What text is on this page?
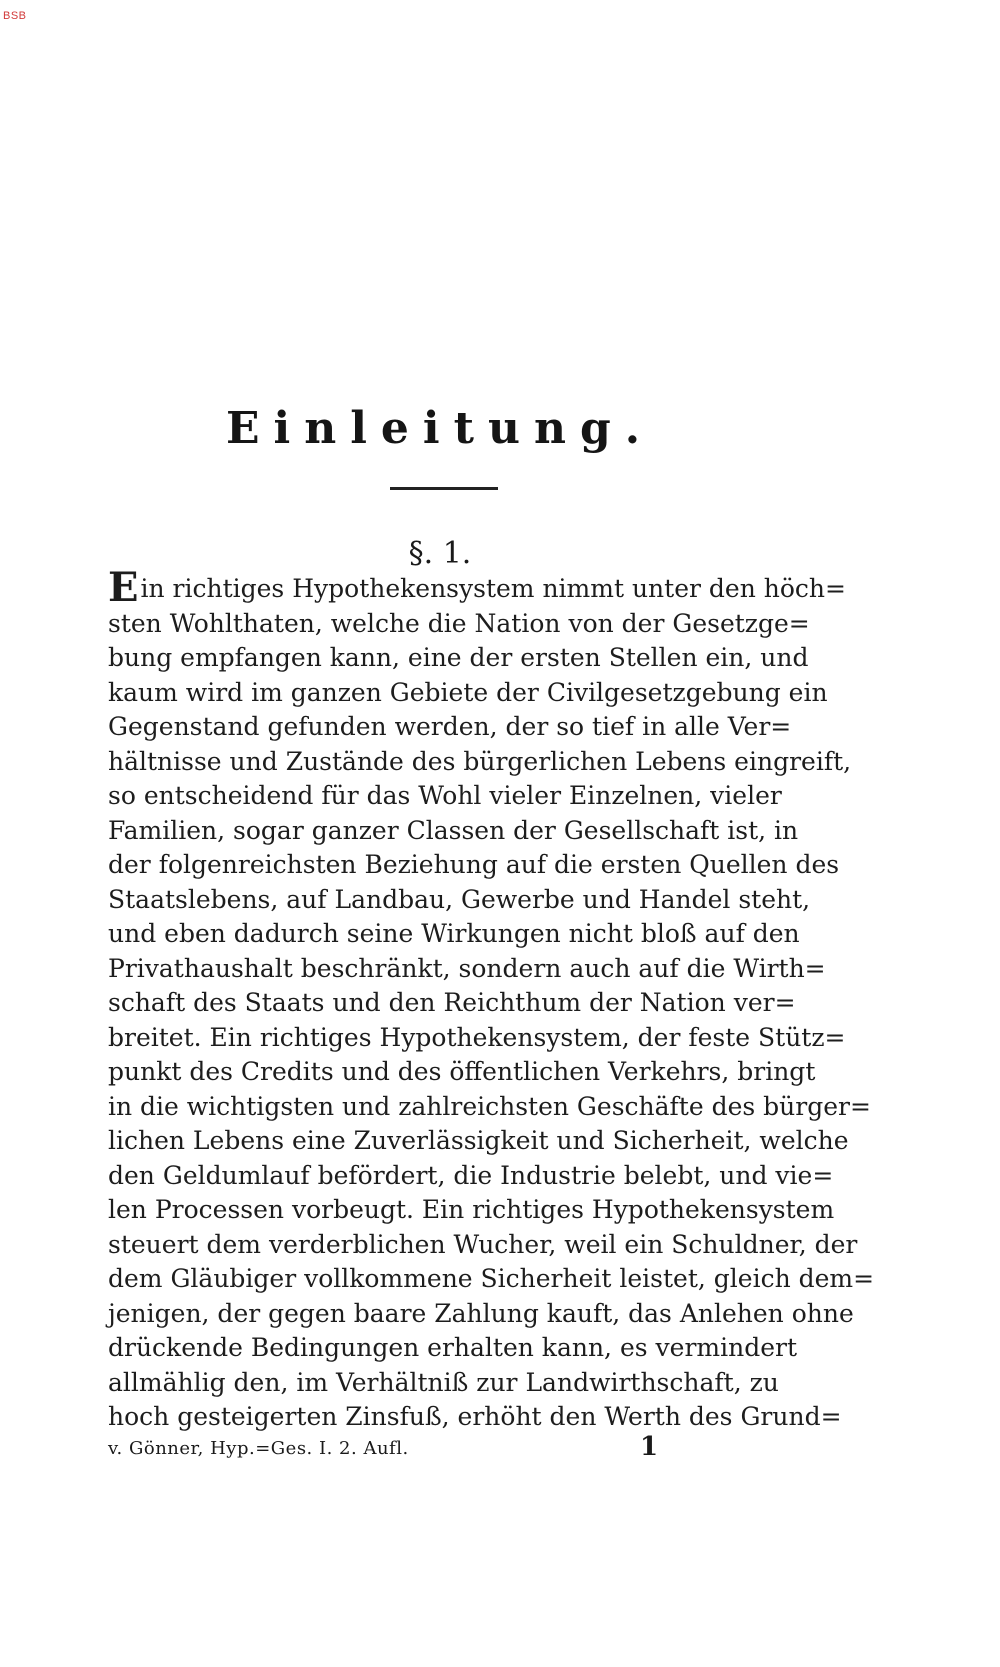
BSB
Einleitung.
§. 1.
Ein richtiges Hypothekensystem nimmt unter den höch=
sten Wohlthaten, welche die Nation von der Gesetzge=
bung empfangen kann, eine der ersten Stellen ein, und
kaum wird im ganzen Gebiete der Civilgesetzgebung ein
Gegenstand gefunden werden, der so tief in alle Ver=
hältnisse und Zustände des bürgerlichen Lebens eingreift,
so entscheidend für das Wohl vieler Einzelnen, vieler
Familien, sogar ganzer Classen der Gesellschaft ist, in
der folgenreichsten Beziehung auf die ersten Quellen des
Staatslebens, auf Landbau, Gewerbe und Handel steht,
und eben dadurch seine Wirkungen nicht bloß auf den
Privathaushalt beschränkt, sondern auch auf die Wirth=
schaft des Staats und den Reichthum der Nation ver=
breitet. Ein richtiges Hypothekensystem, der feste Stütz=
punkt des Credits und des öffentlichen Verkehrs, bringt
in die wichtigsten und zahlreichsten Geschäfte des bürger=
lichen Lebens eine Zuverlässigkeit und Sicherheit, welche
den Geldumlauf befördert, die Industrie belebt, und vie=
len Processen vorbeugt. Ein richtiges Hypothekensystem
steuert dem verderblichen Wucher, weil ein Schuldner, der
dem Gläubiger vollkommene Sicherheit leistet, gleich dem=
jenigen, der gegen baare Zahlung kauft, das Anlehen ohne
drückende Bedingungen erhalten kann, es vermindert
allmählig den, im Verhältniß zur Landwirthschaft, zu
hoch gesteigerten Zinsfuß, erhöht den Werth des Grund=
v. Gönner, Hyp.=Ges. I. 2. Aufl.	1
